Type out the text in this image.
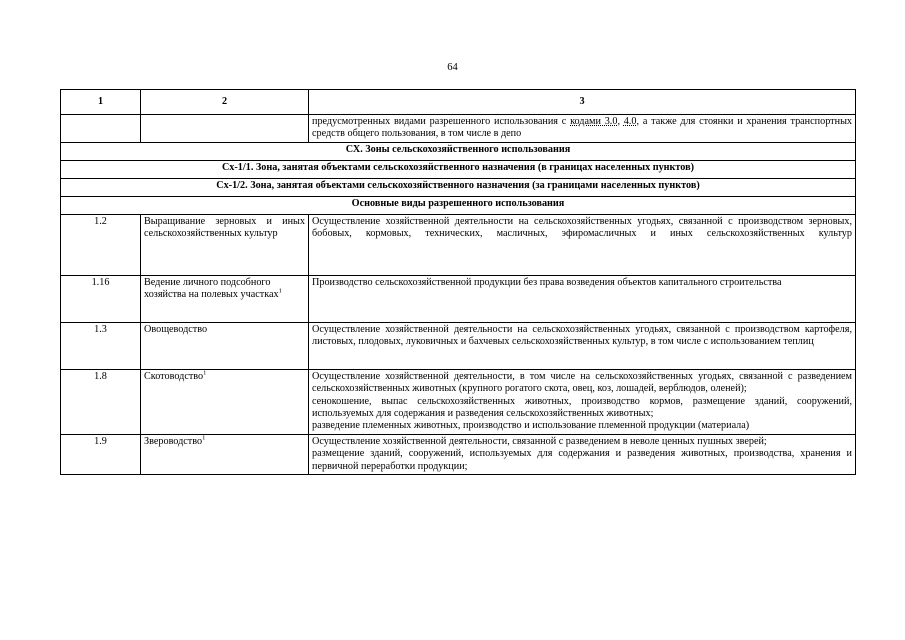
64
1	2	3
		предусмотренных видами разрешенного использования с кодами 3.0, 4.0, а также для стоянки и хранения транспортных средств общего пользования, в том числе в депо
СХ. Зоны сельскохозяйственного использования		
Сх-1/1. Зона, занятая объектами сельскохозяйственного назначения (в границах населенных пунктов)		
Сх-1/2. Зона, занятая объектами сельскохозяйственного назначения (за границами населенных пунктов)		
Основные виды разрешенного использования		
1.2	Выращивание зерновых и иных сельскохозяйственных культур	Осуществление хозяйственной деятельности на сельскохозяйственных угодьях, связанной с производством зерновых, бобовых, кормовых, технических, масличных, эфиромасличных и иных сельскохозяйственных культур

1.16	Ведение личного подсобного хозяйства на полевых участках$^1$	Производство сельскохозяйственной продукции без права возведения объектов капитального строительства

1.3	Овощеводство	Осуществление хозяйственной деятельности на сельскохозяйственных угодьях, связанной с производством картофеля, листовых, плодовых, луковичных и бахчевых сельскохозяйственных культур, в том числе с использованием теплиц

1.8	Скотоводство$^1$	Осуществление хозяйственной деятельности, в том числе на сельскохозяйственных угодьях, связанной с разведением сельскохозяйственных животных (крупного рогатого скота, овец, коз, лошадей, верблюдов, оленей);
сенокошение, выпас сельскохозяйственных животных, производство кормов, размещение зданий, сооружений, используемых для содержания и разведения сельскохозяйственных животных;
разведение племенных животных, производство и использование племенной продукции (материала)

1.9	Звероводство$^1$	Осуществление хозяйственной деятельности, связанной с разведением в неволе ценных пушных зверей;
размещение зданий, сооружений, используемых для содержания и разведения животных, производства, хранения и первичной переработки продукции;
